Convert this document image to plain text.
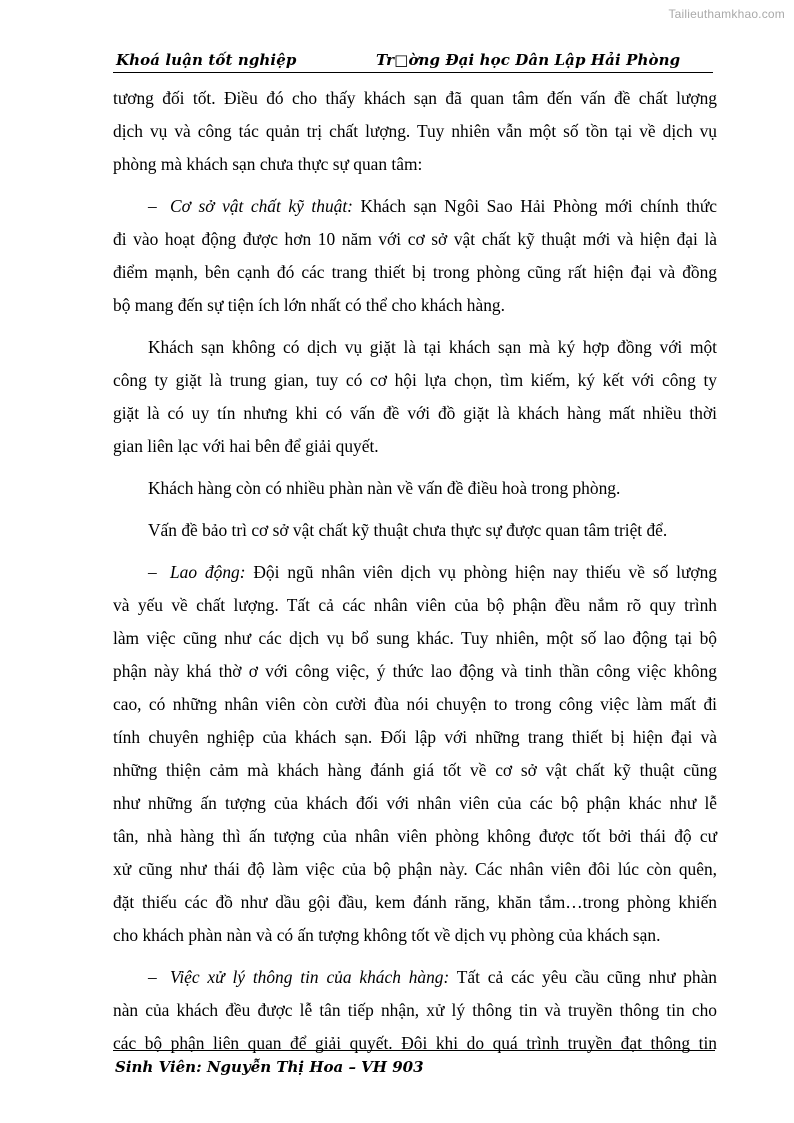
Tailieuthamkhao.com
Khoá luận tốt nghiệp	Tr□ờng Đại học Dân Lập Hải Phòng
tương đối tốt. Điều đó cho thấy khách sạn đã quan tâm đến vấn đề chất lượng
dịch vụ và công tác quản trị chất lượng. Tuy nhiên vẫn một số tồn tại về dịch vụ
phòng mà khách sạn chưa thực sự quan tâm:
– Cơ sở vật chất kỹ thuật: Khách sạn Ngôi Sao Hải Phòng mới chính thức
đi vào hoạt động được hơn 10 năm với cơ sở vật chất kỹ thuật mới và hiện đại là
điểm mạnh, bên cạnh đó các trang thiết bị trong phòng cũng rất hiện đại và đồng
bộ mang đến sự tiện ích lớn nhất có thể cho khách hàng.
Khách sạn không có dịch vụ giặt là tại khách sạn mà ký hợp đồng với một
công ty giặt là trung gian, tuy có cơ hội lựa chọn, tìm kiếm, ký kết với công ty
giặt là có uy tín nhưng khi có vấn đề với đồ giặt là khách hàng mất nhiều thời
gian liên lạc với hai bên để giải quyết.
Khách hàng còn có nhiều phàn nàn về vấn đề điều hoà trong phòng.
Vấn đề bảo trì cơ sở vật chất kỹ thuật chưa thực sự được quan tâm triệt để.
– Lao động: Đội ngũ nhân viên dịch vụ phòng hiện nay thiếu về số lượng
và yếu về chất lượng. Tất cả các nhân viên của bộ phận đều nắm rõ quy trình
làm việc cũng như các dịch vụ bổ sung khác. Tuy nhiên, một số lao động tại bộ
phận này khá thờ ơ với công việc, ý thức lao động và tinh thần công việc không
cao, có những nhân viên còn cười đùa nói chuyện to trong công việc làm mất đi
tính chuyên nghiệp của khách sạn. Đối lập với những trang thiết bị hiện đại và
những thiện cảm mà khách hàng đánh giá tốt về cơ sở vật chất kỹ thuật cũng
như những ấn tượng của khách đối với nhân viên của các bộ phận khác như lễ
tân, nhà hàng thì ấn tượng của nhân viên phòng không được tốt bởi thái độ cư
xử cũng như thái độ làm việc của bộ phận này. Các nhân viên đôi lúc còn quên,
đặt thiếu các đồ như dầu gội đầu, kem đánh răng, khăn tắm…trong phòng khiến
cho khách phàn nàn và có ấn tượng không tốt về dịch vụ phòng của khách sạn.
– Việc xử lý thông tin của khách hàng: Tất cả các yêu cầu cũng như phàn
nàn của khách đều được lễ tân tiếp nhận, xử lý thông tin và truyền thông tin cho
các bộ phận liên quan để giải quyết. Đôi khi do quá trình truyền đạt thông tin
Sinh Viên: Nguyễn Thị Hoa – VH 903
